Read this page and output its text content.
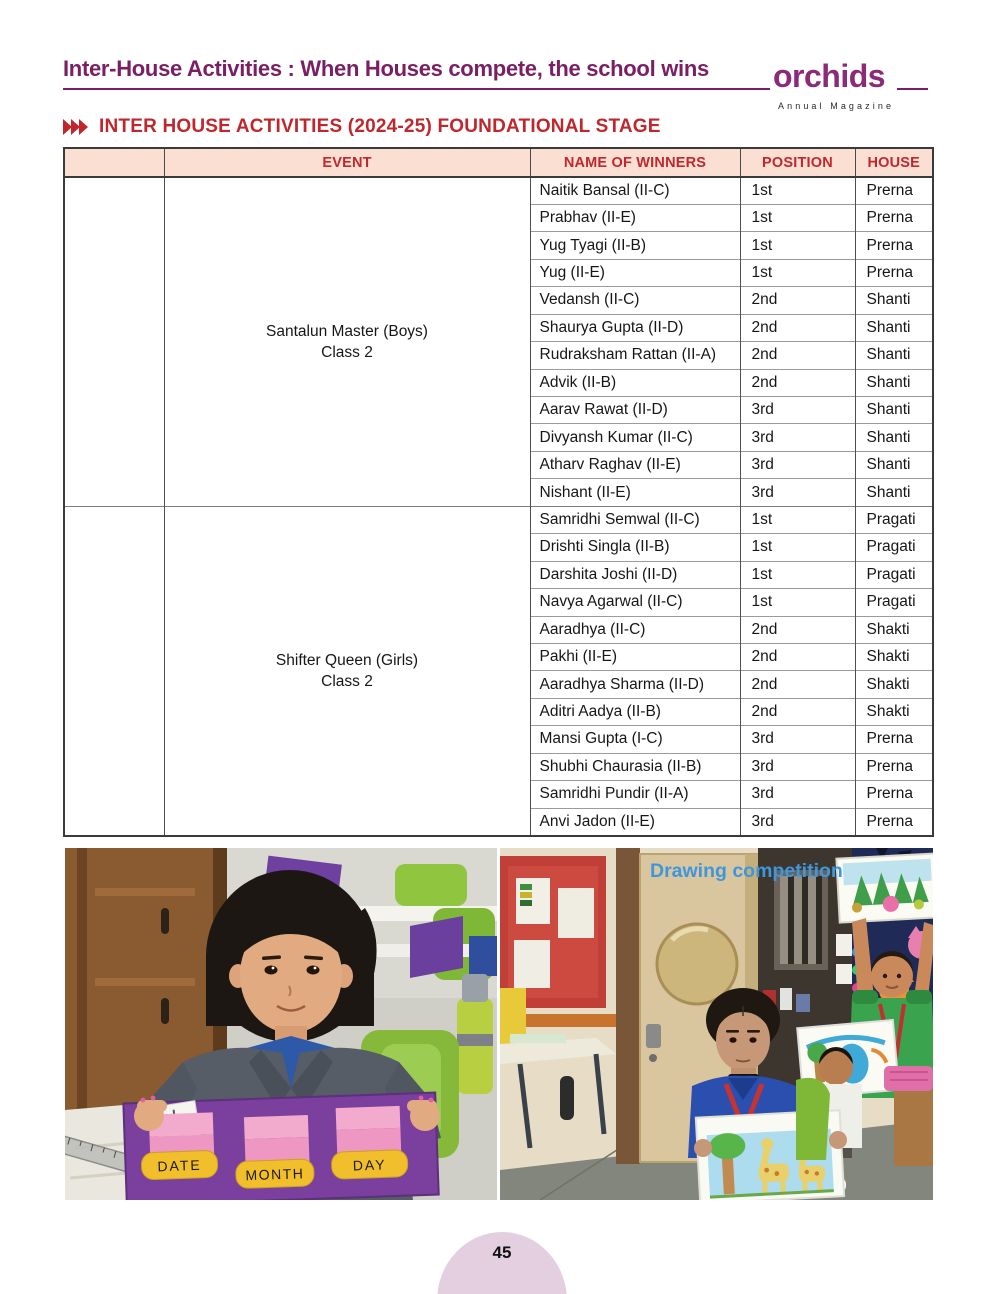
Inter-House Activities : When Houses compete, the school wins orchids
Annual Magazine
INTER HOUSE ACTIVITIES (2024-25) FOUNDATIONAL STAGE
	EVENT	NAME OF WINNERS	POSITION	HOUSE

	Santalun Master (Boys)
Class 2	Naitik Bansal (II-C)	1st	Prerna
		Prabhav (II-E)	1st	Prerna
		Yug Tyagi (II-B)	1st	Prerna
		Yug (II-E)	1st	Prerna
		Vedansh (II-C)	2nd	Shanti
		Shaurya Gupta (II-D)	2nd	Shanti
		Rudraksham Rattan (II-A)	2nd	Shanti
		Advik (II-B)	2nd	Shanti
		Aarav Rawat (II-D)	3rd	Shanti
		Divyansh Kumar (II-C)	3rd	Shanti
		Atharv Raghav (II-E)	3rd	Shanti
		Nishant (II-E)	3rd	Shanti

	Shifter Queen (Girls)
Class 2	Samridhi Semwal (II-C)	1st	Pragati
		Drishti Singla (II-B)	1st	Pragati
		Darshita Joshi (II-D)	1st	Pragati
		Navya Agarwal (II-C)	1st	Pragati
		Aaradhya (II-C)	2nd	Shakti
		Pakhi (II-E)	2nd	Shakti
		Aaradhya Sharma (II-D)	2nd	Shakti
		Aditri Aadya (II-B)	2nd	Shakti
		Mansi Gupta (I-C)	3rd	Prerna
		Shubhi Chaurasia (II-B)	3rd	Prerna
		Samridhi Pundir (II-A)	3rd	Prerna
		Anvi Jadon (II-E)	3rd	Prerna
DATE	MONTH
DAY
Drawing competition
45
